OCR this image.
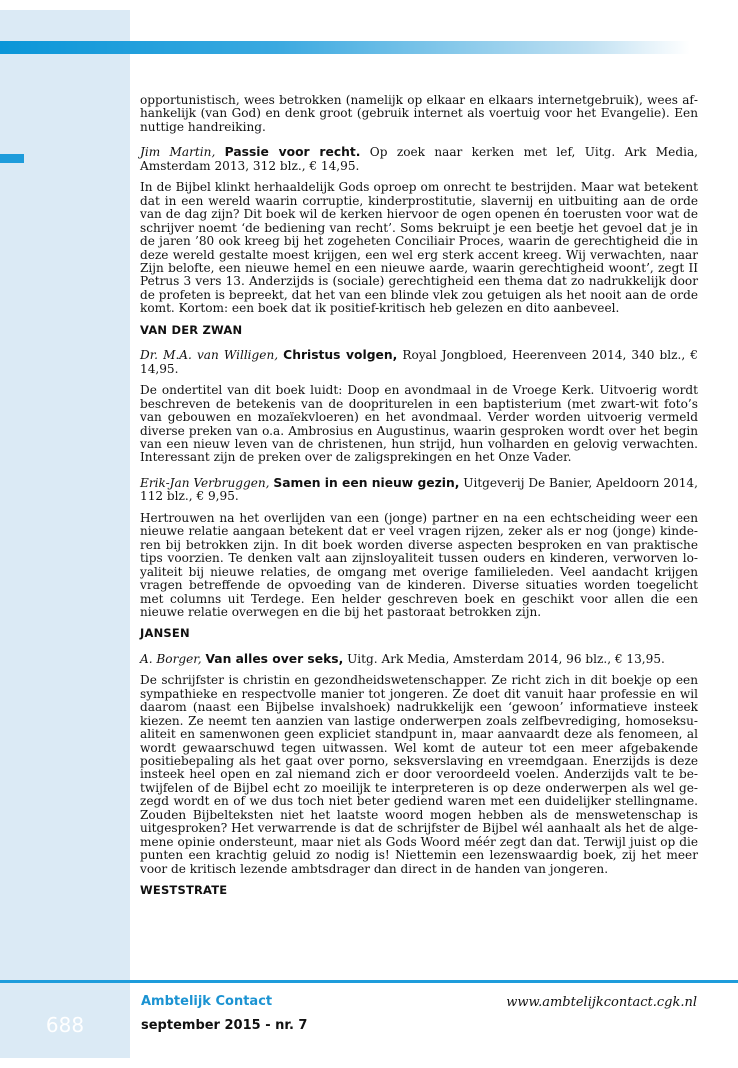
opportunistisch, wees betrokken (namelijk op elkaar en elkaars internetgebruik), wees afhankelijk (van God) en denk groot (gebruik internet als voertuig voor het Evangelie). Een nuttige handreiking.

Jim Martin, Passie voor recht. Op zoek naar kerken met lef, Uitg. Ark Media, Amsterdam 2013, 312 blz., € 14,95.

In de Bijbel klinkt herhaaldelijk Gods oproep om onrecht te bestrijden. Maar wat betekent dat in een wereld waarin corruptie, kinderprostitutie, slavernij en uitbuiting aan de orde van de dag zijn? Dit boek wil de kerken hiervoor de ogen openen én toerusten voor wat de schrijver noemt ‘de bediening van recht’. Soms bekruipt je een beetje het gevoel dat je in de jaren ’80 ook kreeg bij het zogeheten Conciliair Proces, waarin de gerechtigheid die in deze wereld gestalte moest krijgen, een wel erg sterk accent kreeg. Wij verwachten, naar Zijn belofte, een nieuwe hemel en een nieuwe aarde, waarin gerechtigheid woont’, zegt II Petrus 3 vers 13. Anderzijds is (sociale) gerechtigheid een thema dat zo nadrukkelijk door de profeten is bepreekt, dat het van een blinde vlek zou getuigen als het nooit aan de orde komt. Kortom: een boek dat ik positief-kritisch heb gelezen en dito aanbeveel.

VAN DER ZWAN

Dr. M.A. van Willigen, Christus volgen, Royal Jongbloed, Heerenveen 2014, 340 blz., € 14,95.

De ondertitel van dit boek luidt: Doop en avondmaal in de Vroege Kerk. Uitvoerig wordt beschreven de betekenis van de doopriturelen in een baptisterium (met zwart-wit foto’s van gebouwen en mozaïekvloeren) en het avondmaal. Verder worden uitvoerig vermeld diverse preken van o.a. Ambrosius en Augustinus, waarin gesproken wordt over het begin van een nieuw leven van de christenen, hun strijd, hun volharden en gelovig verwachten. Interessant zijn de preken over de zaligsprekingen en het Onze Vader.

Erik-Jan Verbruggen, Samen in een nieuw gezin, Uitgeverij De Banier, Apeldoorn 2014, 112 blz., € 9,95.

Hertrouwen na het overlijden van een (jonge) partner en na een echtscheiding weer een nieuwe relatie aangaan betekent dat er veel vragen rijzen, zeker als er nog (jonge) kinderen bij betrokken zijn. In dit boek worden diverse aspecten besproken en van praktische tips voorzien. Te denken valt aan zijnsloyaliteit tussen ouders en kinderen, verworven loyaliteit bij nieuwe relaties, de omgang met overige familieleden. Veel aandacht krijgen vragen betreffende de opvoeding van de kinderen. Diverse situaties worden toegelicht met columns uit Terdege. Een helder geschreven boek en geschikt voor allen die een nieuwe relatie overwegen en die bij het pastoraat betrokken zijn.

JANSEN

A. Borger, Van alles over seks, Uitg. Ark Media, Amsterdam 2014, 96 blz., € 13,95.

De schrijfster is christin en gezondheidswetenschapper. Ze richt zich in dit boekje op een sympathieke en respectvolle manier tot jongeren. Ze doet dit vanuit haar professie en wil daarom (naast een Bijbelse invalshoek) nadrukkelijk een ‘gewoon’ informatieve insteek kiezen. Ze neemt ten aanzien van lastige onderwerpen zoals zelfbevrediging, homoseksualiteit en samenwonen geen expliciet standpunt in, maar aanvaardt deze als fenomeen, al wordt gewaarschuwd tegen uitwassen. Wel komt de auteur tot een meer afgebakende positiebepaling als het gaat over porno, seksverslaving en vreemdgaan. Enerzijds is deze insteek heel open en zal niemand zich er door veroordeeld voelen. Anderzijds valt te betwijfelen of de Bijbel echt zo moeilijk te interpreteren is op deze onderwerpen als wel gezegd wordt en of we dus toch niet beter gediend waren met een duidelijker stellingname. Zouden Bijbelteksten niet het laatste woord mogen hebben als de menswetenschap is uitgesproken? Het verwarrende is dat de schrijfster de Bijbel wél aanhaalt als het de algemene opinie ondersteunt, maar niet als Gods Woord méér zegt dan dat. Terwijl juist op die punten een krachtig geluid zo nodig is! Niettemin een lezenswaardig boek, zij het meer voor de kritisch lezende ambtsdrager dan direct in de handen van jongeren.

WESTSTRATE

688
Ambtelijk Contact
september 2015 - nr. 7
www.ambtelijkcontact.cgk.nl
